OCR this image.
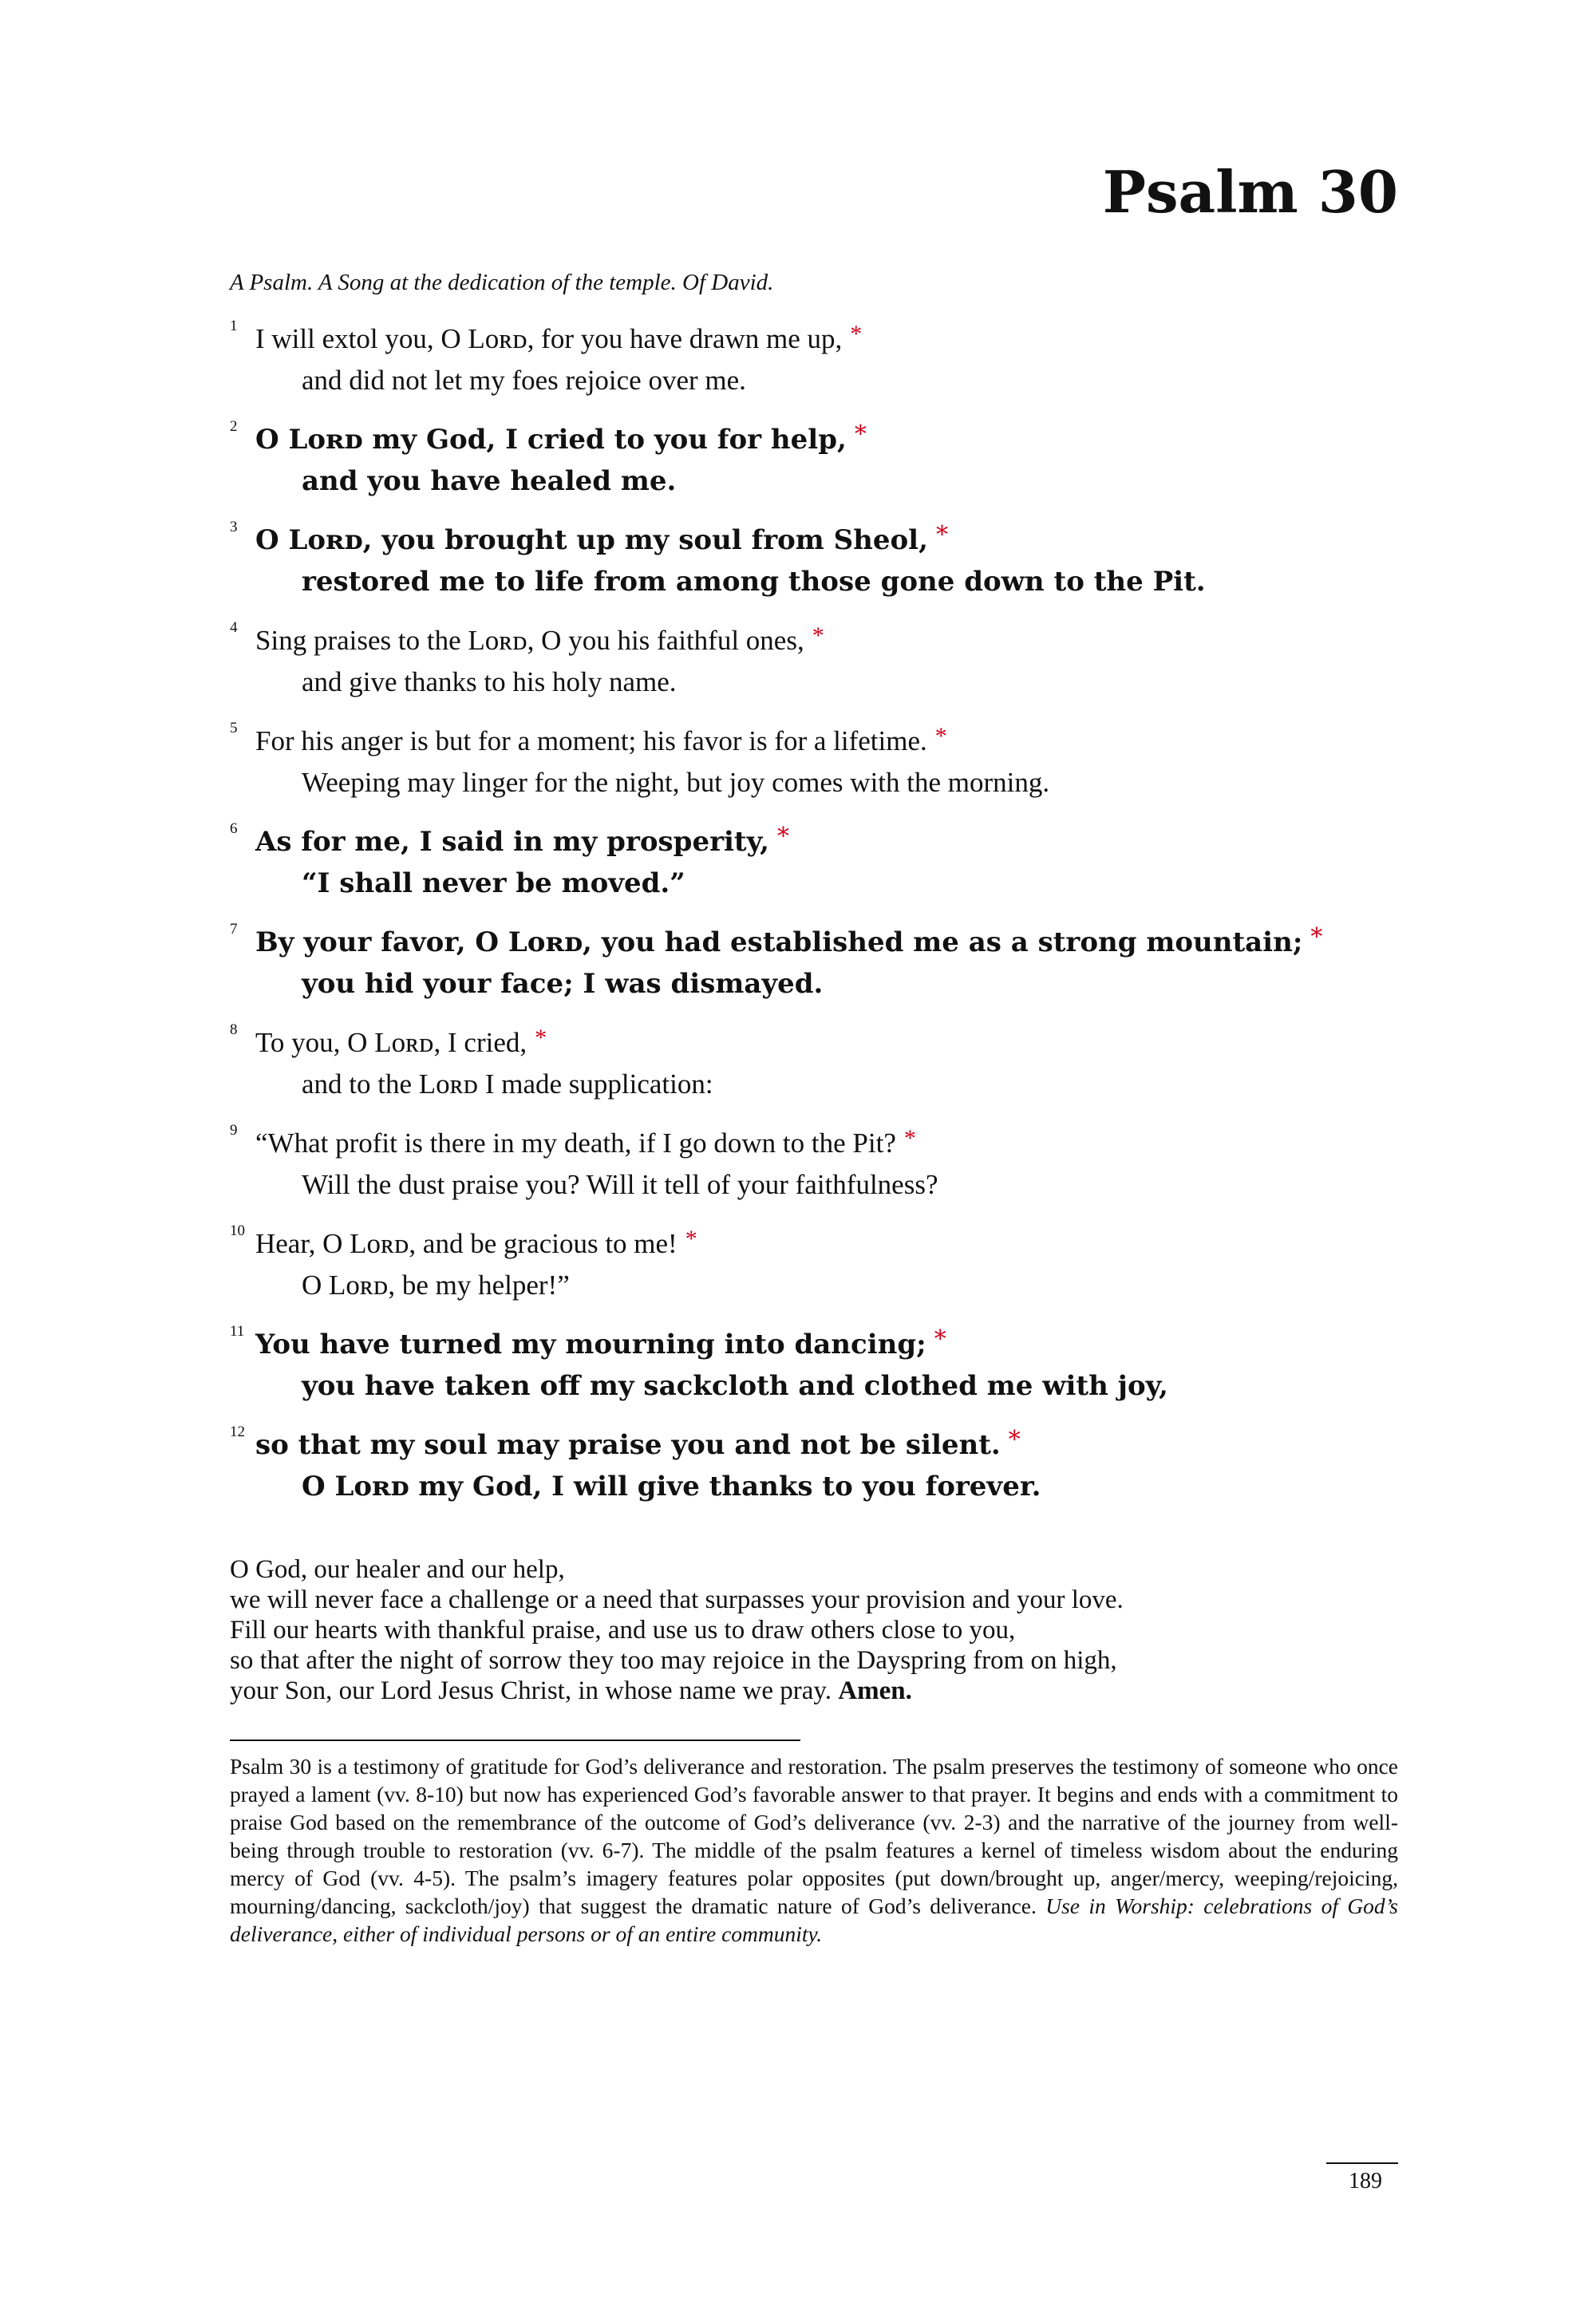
Psalm 30

A Psalm. A Song at the dedication of the temple. Of David.

1 I will extol you, O Lᴏʀᴅ, for you have drawn me up, *
and did not let my foes rejoice over me.
2 O Lᴏʀᴅ my God, I cried to you for help, *
and you have healed me.
3 O Lᴏʀᴅ, you brought up my soul from Sheol, *
restored me to life from among those gone down to the Pit.
4 Sing praises to the Lᴏʀᴅ, O you his faithful ones, *
and give thanks to his holy name.
5 For his anger is but for a moment; his favor is for a lifetime. *
Weeping may linger for the night, but joy comes with the morning.
6 As for me, I said in my prosperity, *
“I shall never be moved.”
7 By your favor, O Lᴏʀᴅ, you had established me as a strong mountain; *
you hid your face; I was dismayed.
8 To you, O Lᴏʀᴅ, I cried, *
and to the Lᴏʀᴅ I made supplication:
9 “What profit is there in my death, if I go down to the Pit? *
Will the dust praise you? Will it tell of your faithfulness?
10 Hear, O Lᴏʀᴅ, and be gracious to me! *
O Lᴏʀᴅ, be my helper!”
11 You have turned my mourning into dancing; *
you have taken off my sackcloth and clothed me with joy,
12 so that my soul may praise you and not be silent. *
O Lᴏʀᴅ my God, I will give thanks to you forever.
O God, our healer and our help,
we will never face a challenge or a need that surpasses your provision and your love.
Fill our hearts with thankful praise, and use us to draw others close to you,
so that after the night of sorrow they too may rejoice in the Dayspring from on high,
your Son, our Lord Jesus Christ, in whose name we pray. Amen.
Psalm 30 is a testimony of gratitude for God’s deliverance and restoration. The psalm preserves the testimony of someone who once prayed a lament (vv. 8-10) but now has experienced God’s favorable answer to that prayer. It begins and ends with a commitment to praise God based on the remembrance of the outcome of God’s deliverance (vv. 2-3) and the narrative of the journey from well-being through trouble to restoration (vv. 6-7). The middle of the psalm features a kernel of timeless wisdom about the enduring mercy of God (vv. 4-5). The psalm’s imagery features polar opposites (put down/brought up, anger/mercy, weeping/rejoicing, mourning/dancing, sackcloth/joy) that suggest the dramatic nature of God’s deliverance. Use in Worship: celebrations of God’s deliverance, either of individual persons or of an entire community.
189
